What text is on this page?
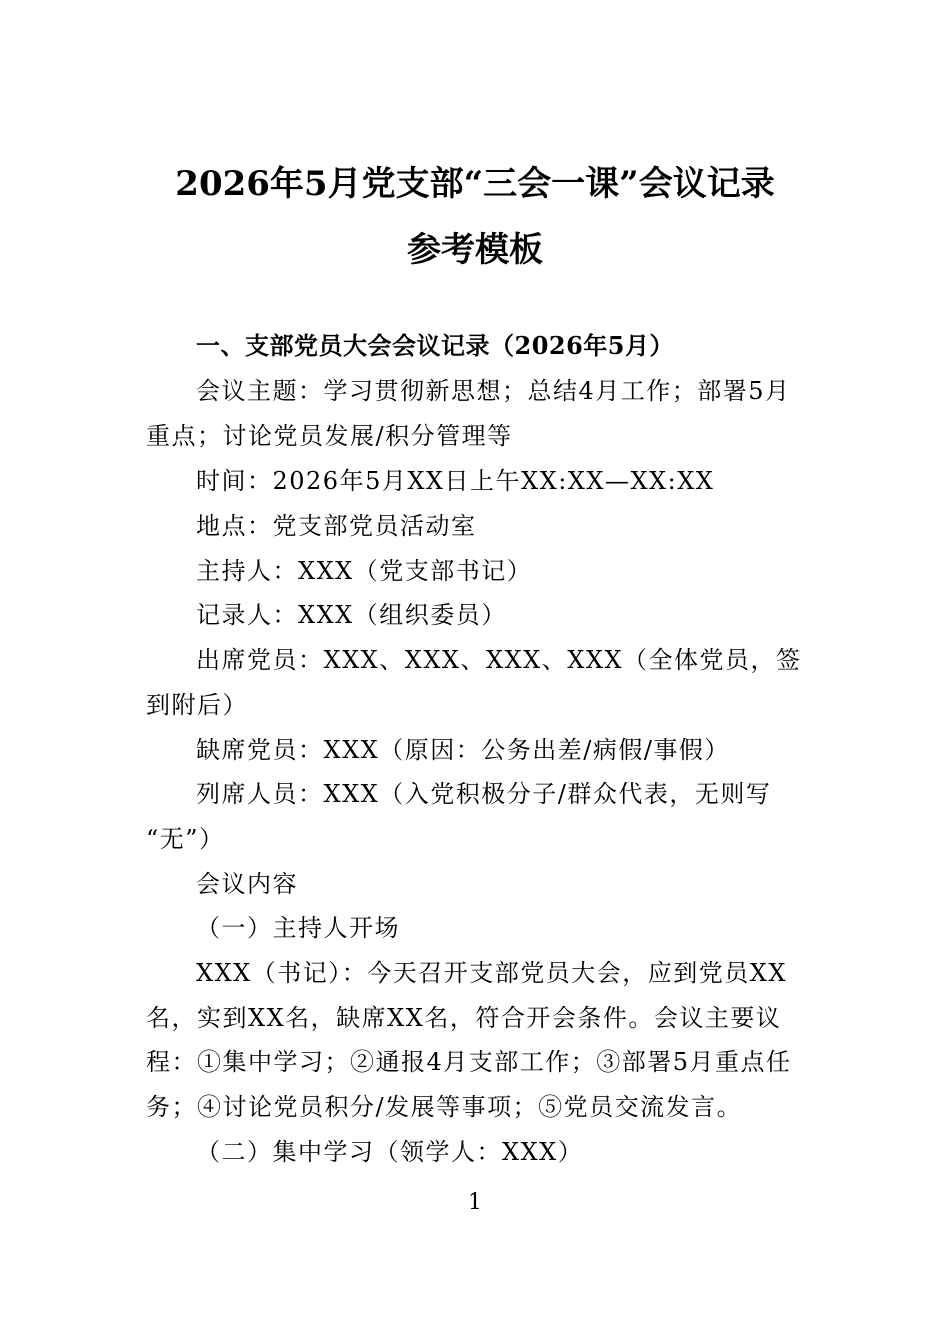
2026年5月党支部“三会一课”会议记录
参考模板
一、支部党员大会会议记录（2026年5月）
会议主题：学习贯彻新思想；总结4月工作；部署5月
重点；讨论党员发展/积分管理等
时间：2026年5月XX日上午XX:XX—XX:XX
地点：党支部党员活动室
主持人：XXX（党支部书记）
记录人：XXX（组织委员）
出席党员：XXX、XXX、XXX、XXX（全体党员，签
到附后）
缺席党员：XXX（原因：公务出差/病假/事假）
列席人员：XXX（入党积极分子/群众代表，无则写
“无”）
会议内容
（一）主持人开场
XXX（书记）：今天召开支部党员大会，应到党员XX
名，实到XX名，缺席XX名，符合开会条件。会议主要议
程：①集中学习；②通报4月支部工作；③部署5月重点任
务；④讨论党员积分/发展等事项；⑤党员交流发言。
（二）集中学习（领学人：XXX）
1
